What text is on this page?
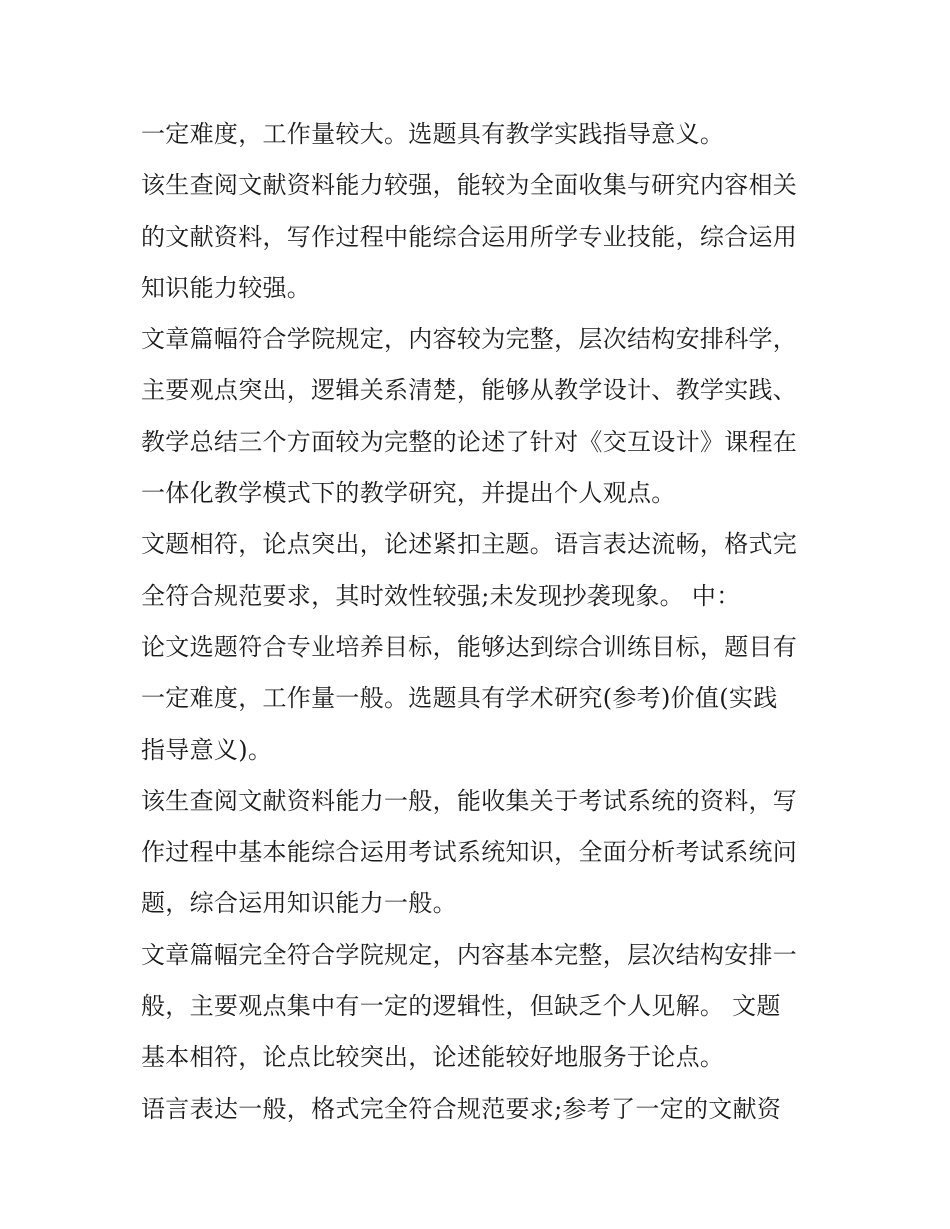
一定难度，工作量较大。选题具有教学实践指导意义。
该生查阅文献资料能力较强，能较为全面收集与研究内容相关
的文献资料，写作过程中能综合运用所学专业技能，综合运用
知识能力较强。
文章篇幅符合学院规定，内容较为完整，层次结构安排科学，
主要观点突出，逻辑关系清楚，能够从教学设计、教学实践、
教学总结三个方面较为完整的论述了针对《交互设计》课程在
一体化教学模式下的教学研究，并提出个人观点。
文题相符，论点突出，论述紧扣主题。语言表达流畅，格式完
全符合规范要求，其时效性较强;未发现抄袭现象。 中：
论文选题符合专业培养目标，能够达到综合训练目标，题目有
一定难度，工作量一般。选题具有学术研究(参考)价值(实践
指导意义)。
该生查阅文献资料能力一般，能收集关于考试系统的资料，写
作过程中基本能综合运用考试系统知识，全面分析考试系统问
题，综合运用知识能力一般。
文章篇幅完全符合学院规定，内容基本完整，层次结构安排一
般，主要观点集中有一定的逻辑性，但缺乏个人见解。 文题
基本相符，论点比较突出，论述能较好地服务于论点。
语言表达一般，格式完全符合规范要求;参考了一定的文献资
